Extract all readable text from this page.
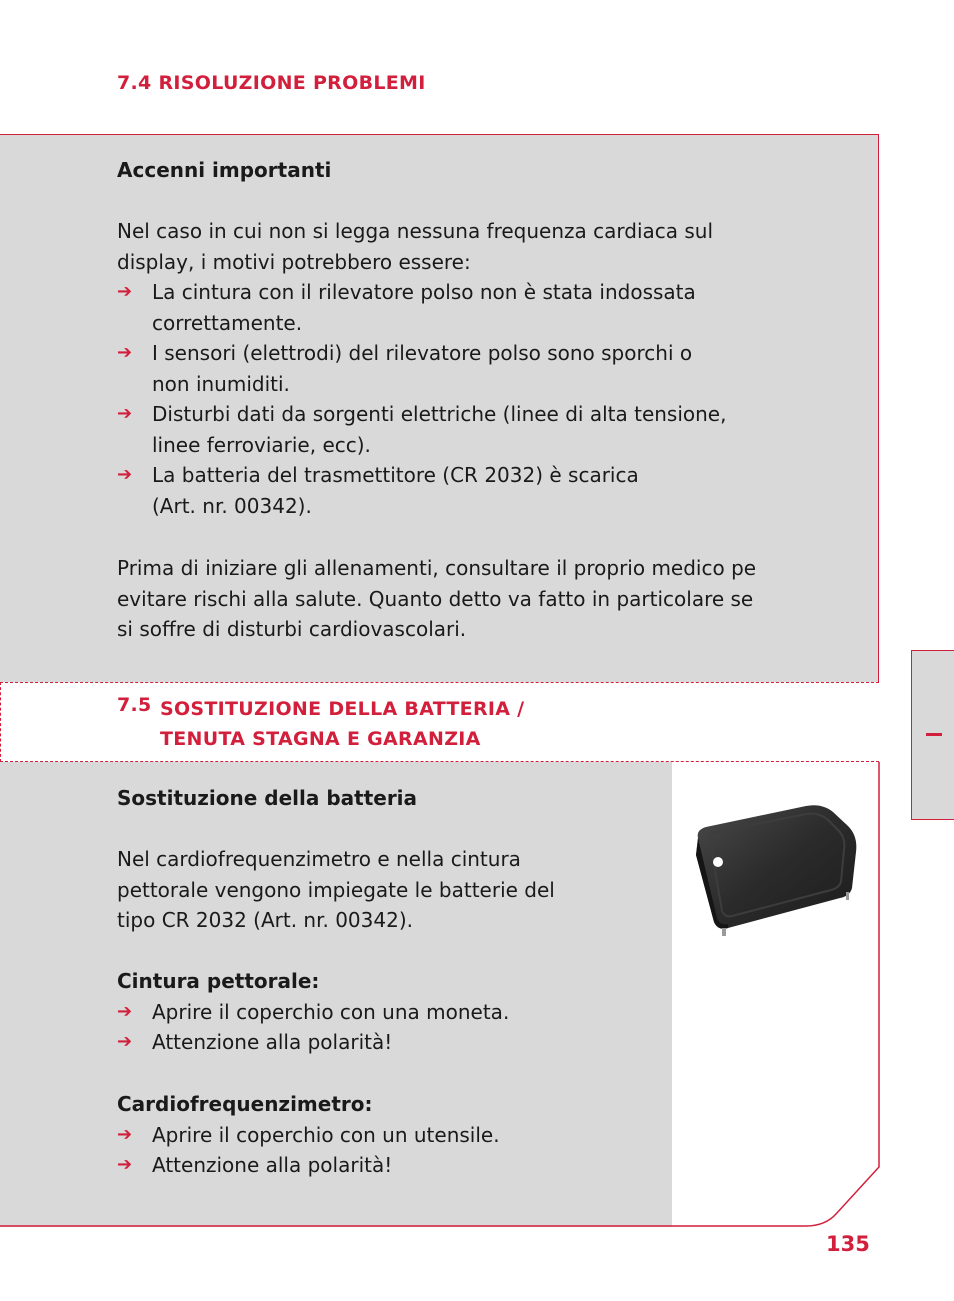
7.4 RISOLUZIONE PROBLEMI
Accenni importanti
Nel caso in cui non si legga nessuna frequenza cardiaca sul
display, i motivi potrebbero essere:
➔ La cintura con il rilevatore polso non è stata indossata
correttamente.
➔ I sensori (elettrodi) del rilevatore polso sono sporchi o
non inumiditi.
➔ Disturbi dati da sorgenti elettriche (linee di alta tensione,
linee ferroviarie, ecc).
➔ La batteria del trasmettitore (CR 2032) è scarica
(Art. nr. 00342).
Prima di iniziare gli allenamenti, consultare il proprio medico pe
evitare rischi alla salute. Quanto detto va fatto in particolare se
si soffre di disturbi cardiovascolari.
7.5 SOSTITUZIONE DELLA BATTERIA /
TENUTA STAGNA E GARANZIA
Sostituzione della batteria
Nel cardiofrequenzimetro e nella cintura
pettorale vengono impiegate le batterie del
tipo CR 2032 (Art. nr. 00342).
Cintura pettorale:
➔ Aprire il coperchio con una moneta.
➔ Attenzione alla polarità!
Cardiofrequenzimetro:
➔ Aprire il coperchio con un utensile.
➔ Attenzione alla polarità!
135
